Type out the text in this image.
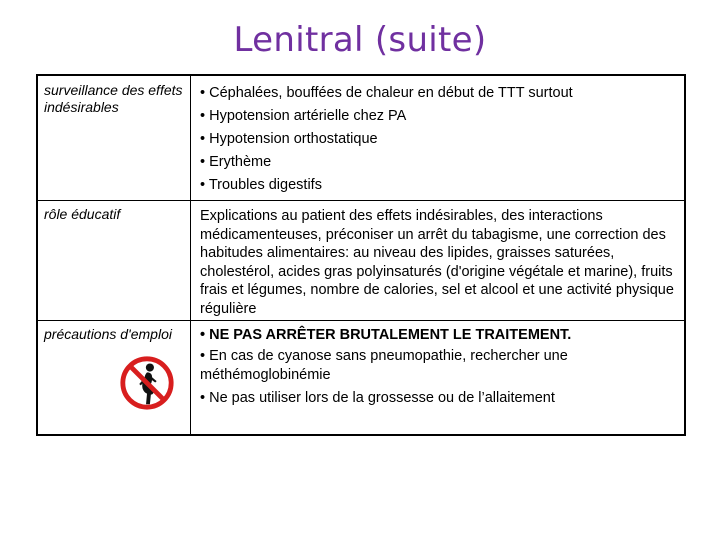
Lenitral (suite)
surveillance des effets indésirables
• Céphalées, bouffées de chaleur en début de TTT surtout
• Hypotension artérielle chez PA
• Hypotension orthostatique
• Erythème
• Troubles digestifs
rôle éducatif	Explications au patient des effets indésirables, des interactions médicamenteuses, préconiser un arrêt du tabagisme, une correction des habitudes alimentaires: au niveau des lipides, graisses saturées, cholestérol, acides gras polyinsaturés (d'origine végétale et marine), fruits frais et légumes, nombre de calories, sel et alcool et une activité physique régulière
précautions d'emploi	• NE PAS ARRÊTER BRUTALEMENT LE TRAITEMENT.
• En cas de cyanose sans pneumopathie, rechercher une méthémoglobinémie
• Ne pas utiliser lors de la grossesse ou de l’allaitement
